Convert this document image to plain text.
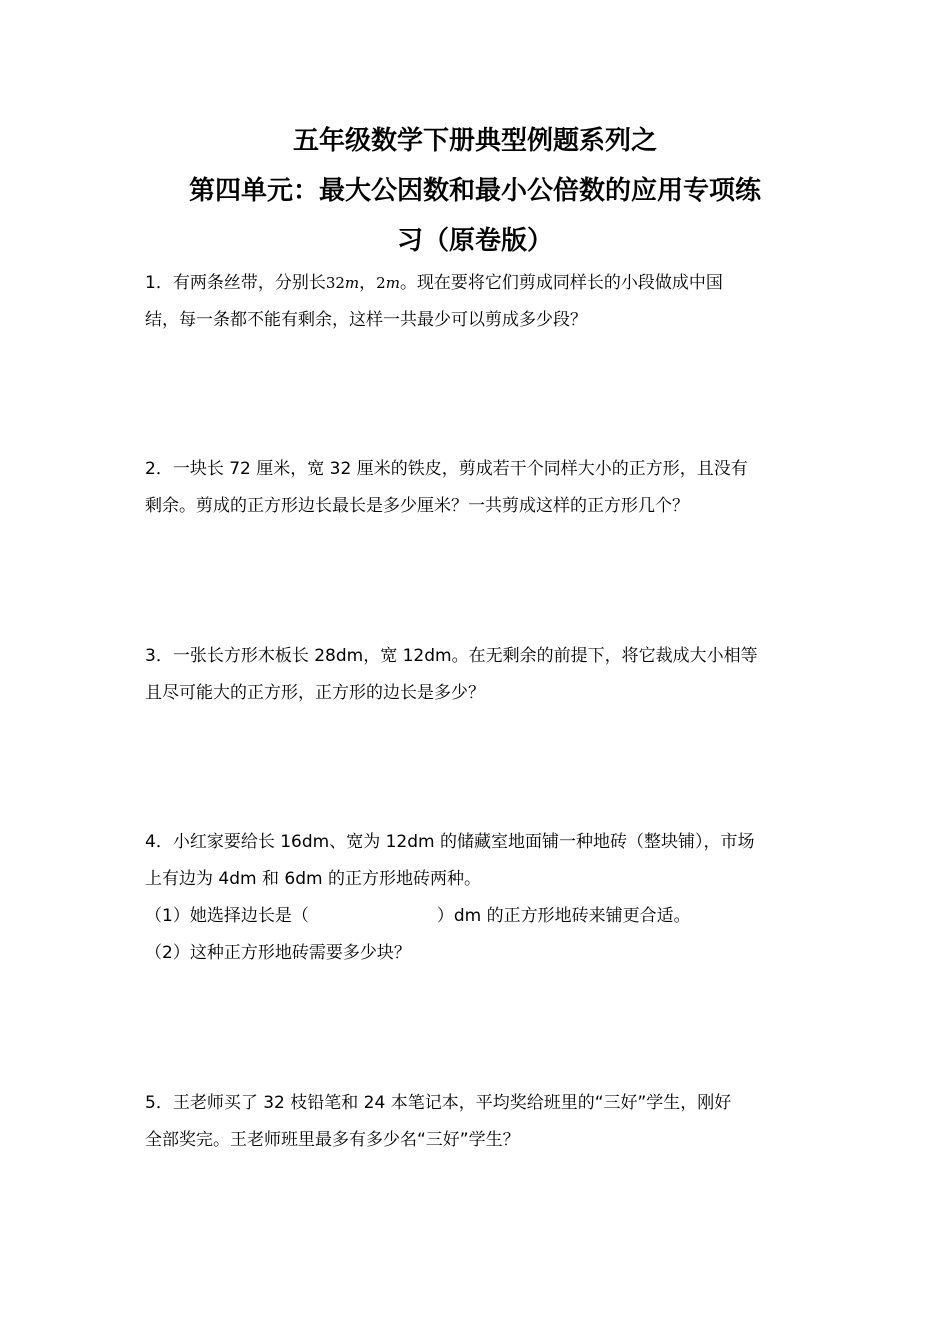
五年级数学下册典型例题系列之
第四单元：最大公因数和最小公倍数的应用专项练
习（原卷版）
1．有两条丝带，分别长32m，2m。现在要将它们剪成同样长的小段做成中国
结，每一条都不能有剩余，这样一共最少可以剪成多少段？
2．一块长 72 厘米，宽 32 厘米的铁皮，剪成若干个同样大小的正方形，且没有
剩余。剪成的正方形边长最长是多少厘米？一共剪成这样的正方形几个？
3．一张长方形木板长 28dm，宽 12dm。在无剩余的前提下，将它裁成大小相等
且尽可能大的正方形，正方形的边长是多少？
4．小红家要给长 16dm、宽为 12dm 的储藏室地面铺一种地砖（整块铺），市场
上有边为 4dm 和 6dm 的正方形地砖两种。
（1）她选择边长是（	）dm 的正方形地砖来铺更合适。
（2）这种正方形地砖需要多少块？
5．王老师买了 32 枝铅笔和 24 本笔记本，平均奖给班里的“三好”学生，刚好
全部奖完。王老师班里最多有多少名“三好”学生？
